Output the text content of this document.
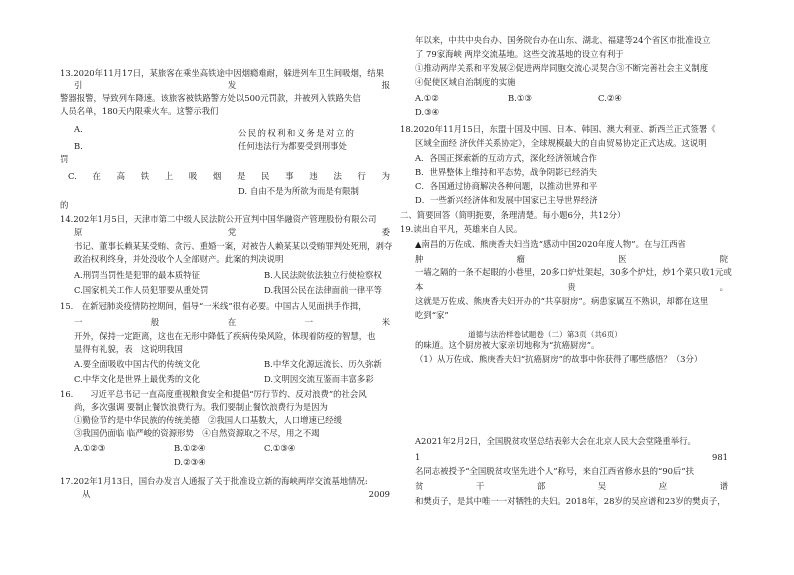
13.2020年11月17日，某旅客在乘坐高铁途中因烟瘾难耐，躲进列车卫生间吸烟，结果
引	发	报
警器报警，导致列车降速。该旅客被铁路警方处以500元罚款，并被列入铁路失信
人员名单，180天内限乘火车。这警示我们
A.	公民的权利和义务是对立的
B.	任何违法行为都要受到刑事处
罚
C. 在 高 铁 上 吸 烟 是 民 事 违 法 行 为
D. 自由不是为所欲为而是有限制
的
14.202年1月5日，天津市第二中级人民法院公开宣判中国华融资产管理股份有限公司
原	党	委
书记、董事长赖某某受贿、贪污、重婚一案，对被告人赖某某以受贿罪判处死刑，剥夺
政治权利终身，并处没收个人全部财产。此案的判决说明
A.刑罚当罚性是犯罪的最本质特征	B.人民法院依法独立行使检察权
C.国家机关工作人员犯罪要从重处罚	D.我国公民在法律面前一律平等
15.　在新冠肺炎疫情防控期间，倡导“一米线”很有必要。中国古人见面拱手作揖，
一	般	在	一	米
开外，保持一定距离，这也在无形中降低了疾病传染风险，体现着防疫的智慧，也
显得有礼貌，表　这说明我国
A.要全面吸收中国古代的传统文化	B.中华文化源远流长、历久弥新
C.中华文化是世界上最优秀的文化	D.文明因交流互鉴而丰富多彩
16.　　习近平总书记一直高度重视粮食安全和提倡“厉行节约、反对浪费”的社会风
尚，多次强调 要制止餐饮浪费行为。我们要制止餐饮浪费行为是因为
①勤俭节约是中华民族的传统美德　②我国人口基数大，人口增速已经缓
③我国仍面临 临严峻的资源形势　④自然资源取之不尽，用之不竭
A.①②③	B.①②④	C.①③④
D.②③④
17.202年1月13日，国台办发言人通报了关于批准设立新的海峡两岸交流基地情况:
从	2009
年以来，中共中央台办、国务院台办在山东、湖北、福建等24个省区市批准设立
了 79家海峡 两岸交流基地。这些交流基地的设立有利于
①推动两岸关系和平发展②促进两岸同胞交流心灵契合③不断完善社会主义制度
④促使区域自治制度的实施
A.①②	B.①③	C.②④
D.③④
18.2020年11月15日，东盟十国及中国、日本、韩国、澳大利亚、新西兰正式签署《
区域全面经 济伙伴关系协定》，全球规模最大的自由贸易协定正式达成。这说明
A．各国正探索新的互动方式，深化经济领域合作
B．世界整体上维持和平态势，战争阴影已经消失
C．各国通过协商解决各种问题，以推动世界和平
D．一些新兴经济体和发展中国家已主导世界经济
二、简要回答（简明扼要，条理清楚。每小题6分，共12分）
19.读出自平凡，英雄来自人民。
▲南昌的万佐成、熊庚香夫妇当选“感动中国2020年度人物”。在与江西省
肿	瘤	医	院
一墙之隔的一条不起眼的小巷里，20多口炉灶架起，30多个炉灶，炒1个菜只收1元或
本	贵	。
这就是万佐成、熊庚香夫妇开办的“共享厨房”。病患家属互不熟识，却都在这里
吃到“家”
道德与法治样卷试题卷（二）第3页（共6页）
的味道。这个厨房被大家亲切地称为“抗癌厨房”。
（1）从万佐成、熊庚香夫妇“抗癌厨房”的故事中你获得了哪些感悟？（3分）
A2021年2月2日，全国脱贫攻坚总结表彰大会在北京人民大会堂隆重举行。
1	981
名同志被授予“全国脱贫攻坚先进个人”称号，来自江西省修水县的“90后”扶
贫	干	部	吴	应	谱
和樊贞子，是其中唯一一对牺牲的夫妇。2018年，28岁的吴应谱和23岁的樊贞子，
